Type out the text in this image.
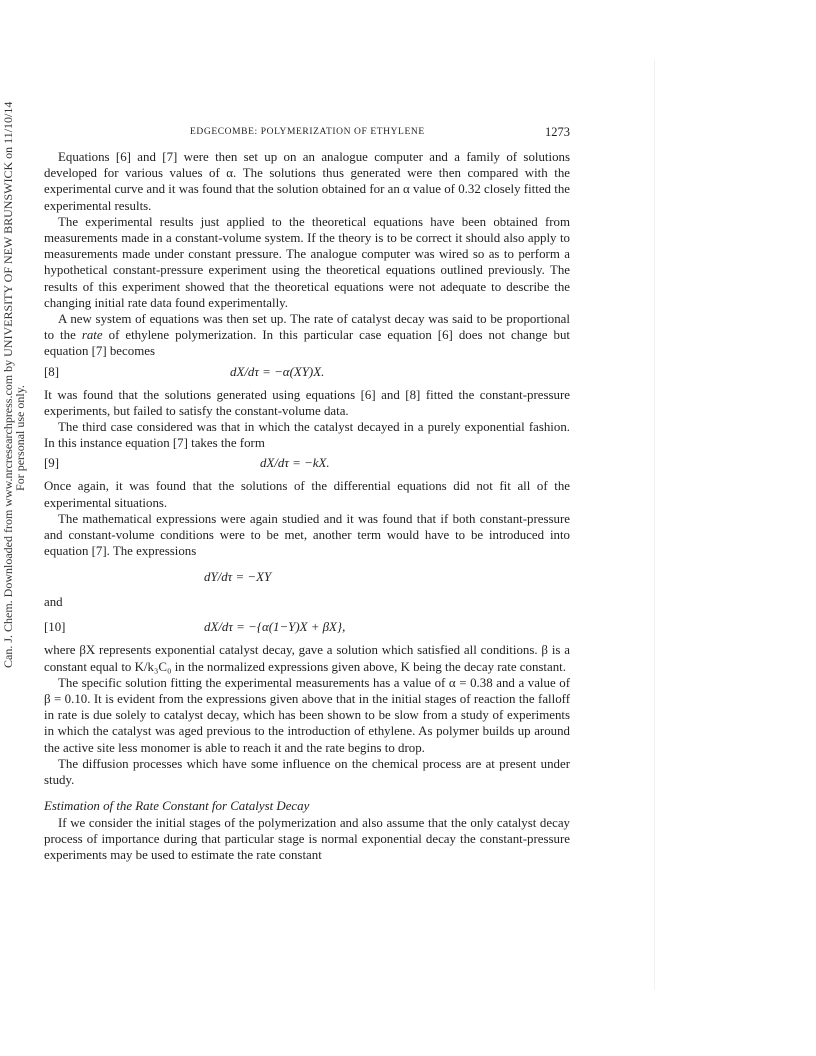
Can. J. Chem. Downloaded from www.nrcresearchpress.com by UNIVERSITY OF NEW BRUNSWICK on 11/10/14
For personal use only.
EDGECOMBE: POLYMERIZATION OF ETHYLENE	1273

Equations [6] and [7] were then set up on an analogue computer and a family of solutions developed for various values of α. The solutions thus generated were then compared with the experimental curve and it was found that the solution obtained for an α value of 0.32 closely fitted the experimental results.

The experimental results just applied to the theoretical equations have been obtained from measurements made in a constant-volume system. If the theory is to be correct it should also apply to measurements made under constant pressure. The analogue computer was wired so as to perform a hypothetical constant-pressure experiment using the theoretical equations outlined previously. The results of this experiment showed that the theoretical equations were not adequate to describe the changing initial rate data found experimentally.

A new system of equations was then set up. The rate of catalyst decay was said to be proportional to the rate of ethylene polymerization. In this particular case equation [6] does not change but equation [7] becomes

[8]	dX/dτ = −α(XY)X.

It was found that the solutions generated using equations [6] and [8] fitted the constant-pressure experiments, but failed to satisfy the constant-volume data.

The third case considered was that in which the catalyst decayed in a purely exponential fashion. In this instance equation [7] takes the form

[9]	dX/dτ = −kX.

Once again, it was found that the solutions of the differential equations did not fit all of the experimental situations.

The mathematical expressions were again studied and it was found that if both constant-pressure and constant-volume conditions were to be met, another term would have to be introduced into equation [7]. The expressions

dY/dτ = −XY
and
[10]	dX/dτ = −{α(1−Y)X + βX},

where βX represents exponential catalyst decay, gave a solution which satisfied all conditions. β is a constant equal to K/k₃C₀ in the normalized expressions given above, K being the decay rate constant.

The specific solution fitting the experimental measurements has a value of α = 0.38 and a value of β = 0.10. It is evident from the expressions given above that in the initial stages of reaction the falloff in rate is due solely to catalyst decay, which has been shown to be slow from a study of experiments in which the catalyst was aged previous to the introduction of ethylene. As polymer builds up around the active site less monomer is able to reach it and the rate begins to drop.

The diffusion processes which have some influence on the chemical process are at present under study.

Estimation of the Rate Constant for Catalyst Decay

If we consider the initial stages of the polymerization and also assume that the only catalyst decay process of importance during that particular stage is normal exponential decay the constant-pressure experiments may be used to estimate the rate constant
